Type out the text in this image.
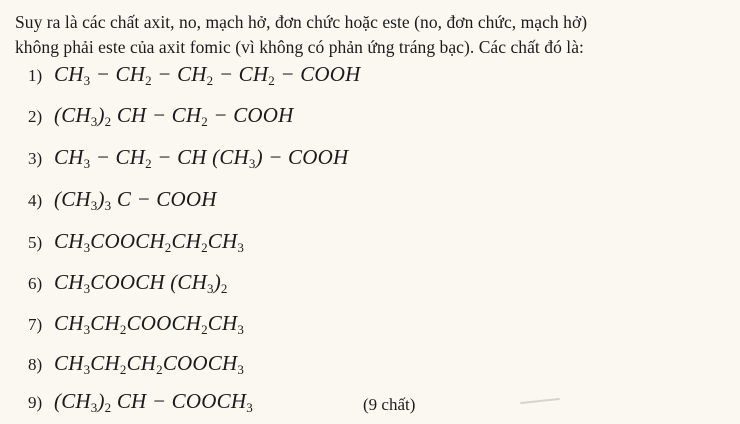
Suy ra là các chất axit, no, mạch hở, đơn chức hoặc este (no, đơn chức, mạch hở)
không phải este của axit fomic (vì không có phản ứng tráng bạc). Các chất đó là:
1) $CH_3 - CH_2 - CH_2 - CH_2$ − COOH
2) $(CH_3)_2$ CH − $CH_2$ − COOH
3) $CH_3 - CH_2$ − CH $(CH_3)$ − COOH
4) $(CH_3)_3$ C − COOH
5) $CH_3COOCH_2CH_2CH_3$
6) $CH_3COOCH$ $(CH_3)_2$
7) $CH_3CH_2COOCH_2CH_3$
8) $CH_3CH_2CH_2COOCH_3$
9) $(CH_3)_2$ CH − $COOCH_3$	(9 chất)
